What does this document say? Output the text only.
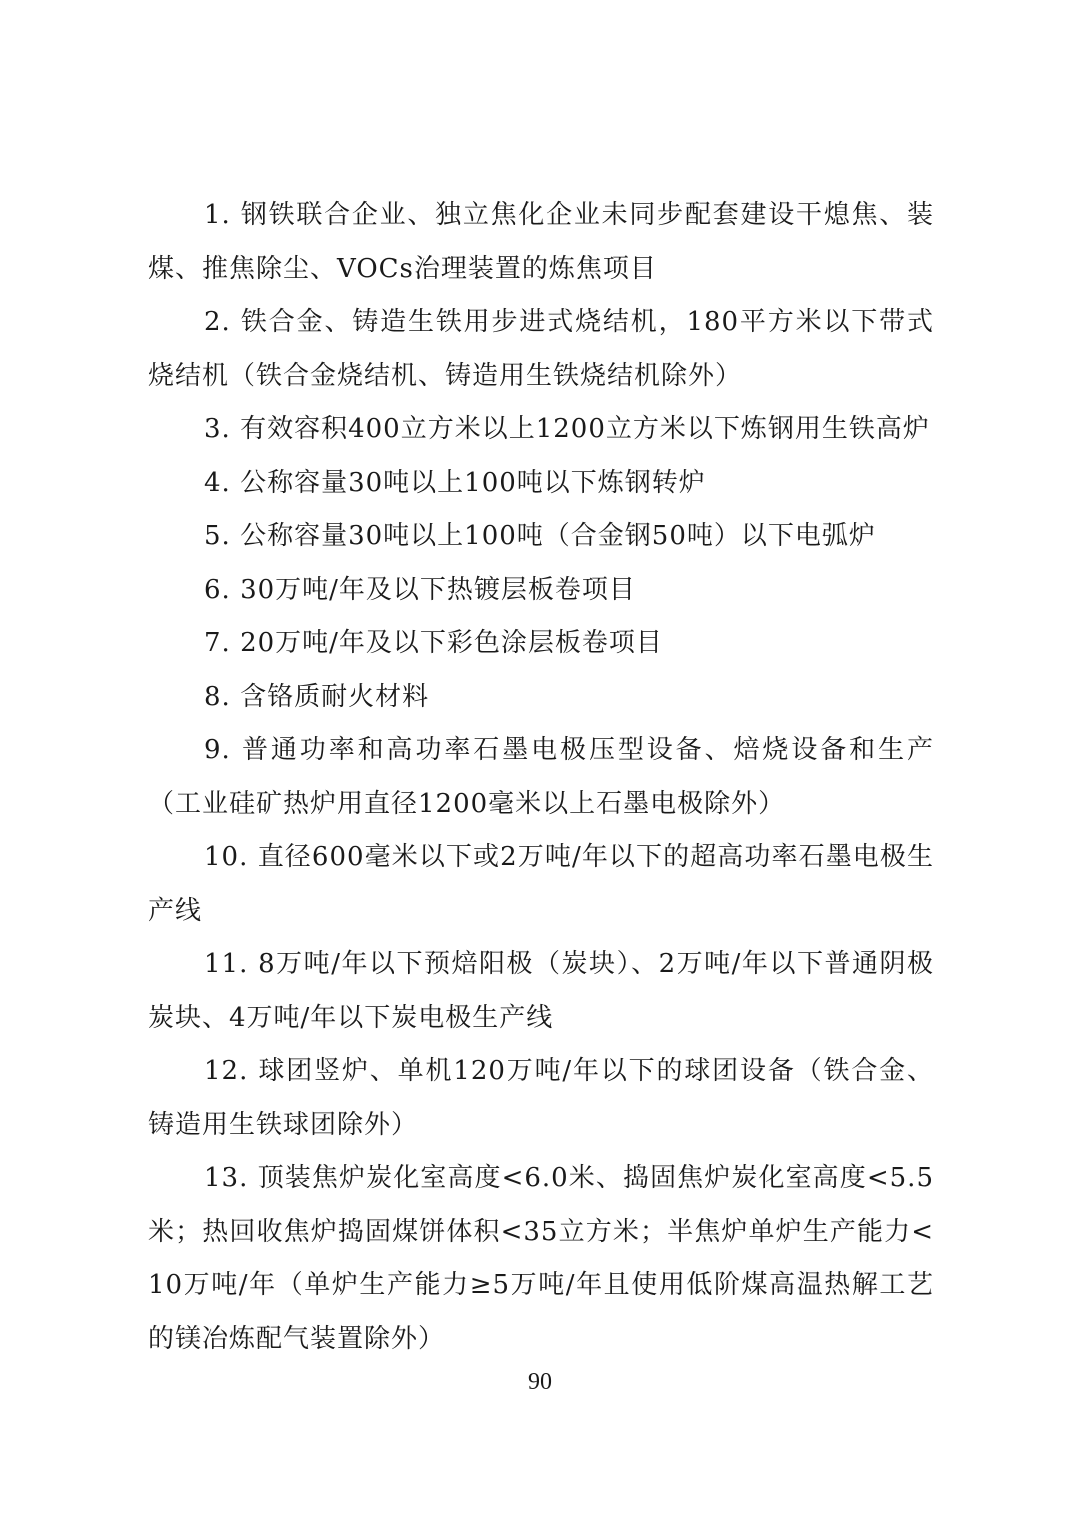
1. 钢铁联合企业、独立焦化企业未同步配套建设干熄焦、装煤、推焦除尘、VOCs治理装置的炼焦项目

2. 铁合金、铸造生铁用步进式烧结机，180平方米以下带式烧结机（铁合金烧结机、铸造用生铁烧结机除外）

3. 有效容积400立方米以上1200立方米以下炼钢用生铁高炉

4. 公称容量30吨以上100吨以下炼钢转炉

5. 公称容量30吨以上100吨（合金钢50吨）以下电弧炉

6. 30万吨/年及以下热镀层板卷项目

7. 20万吨/年及以下彩色涂层板卷项目

8. 含铬质耐火材料

9. 普通功率和高功率石墨电极压型设备、焙烧设备和生产（工业硅矿热炉用直径1200毫米以上石墨电极除外）

10. 直径600毫米以下或2万吨/年以下的超高功率石墨电极生产线

11. 8万吨/年以下预焙阳极（炭块）、2万吨/年以下普通阴极炭块、4万吨/年以下炭电极生产线

12. 球团竖炉、单机120万吨/年以下的球团设备（铁合金、铸造用生铁球团除外）

13. 顶装焦炉炭化室高度<6.0米、捣固焦炉炭化室高度<5.5米；热回收焦炉捣固煤饼体积<35立方米；半焦炉单炉生产能力<10万吨/年（单炉生产能力≥5万吨/年且使用低阶煤高温热解工艺的镁冶炼配气装置除外）

90
